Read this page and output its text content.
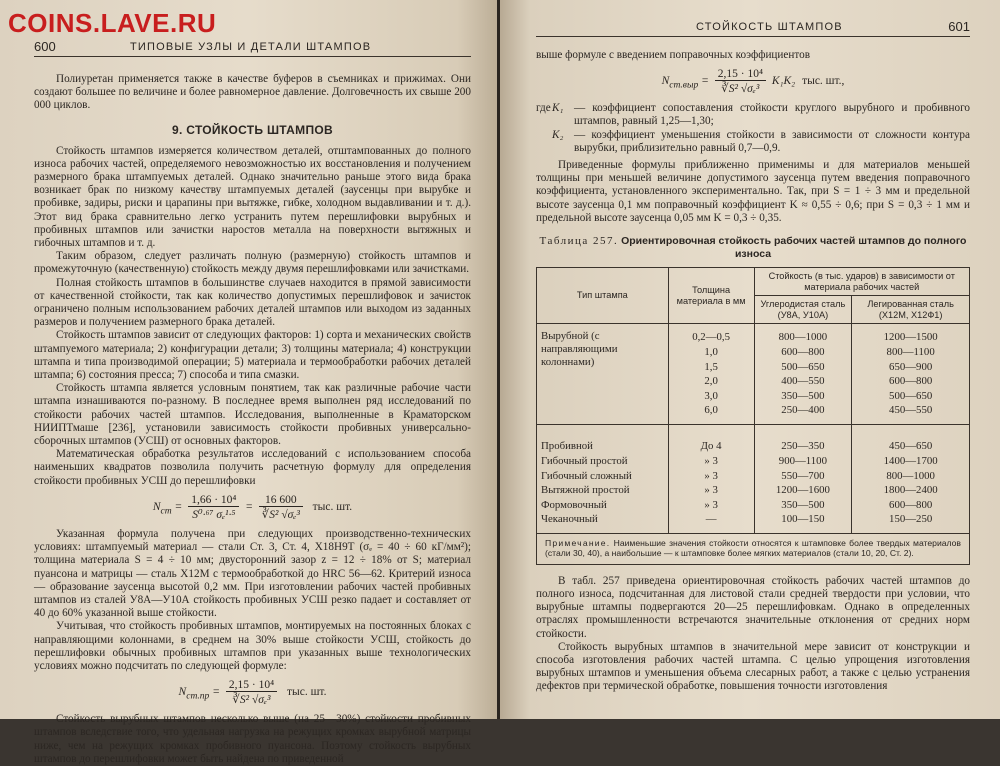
600	ТИПОВЫЕ УЗЛЫ И ДЕТАЛИ ШТАМПОВ

Полиуретан применяется также в качестве буферов в съемниках и прижимах. Они создают большее по величине и более равномерное давление. Долговечность их свыше 200 000 циклов.

9. СТОЙКОСТЬ ШТАМПОВ

Стойкость штампов измеряется количеством деталей, отштампованных до полного износа рабочих частей, определяемого невозможностью их восстановления и получением размерного брака штампуемых деталей. Однако значительно раньше этого вида брака возникает брак по низкому качеству штампуемых деталей (заусенцы при вырубке и пробивке, задиры, риски и царапины при вытяжке, гибке, холодном выдавливании и т. д.). Этот вид брака сравнительно легко устранить путем перешлифовки вырубных и пробивных штампов или зачистки наростов металла на поверхности вытяжных и гибочных штампов и т. д.

Таким образом, следует различать полную (размерную) стойкость штампов и промежуточную (качественную) стойкость между двумя перешлифовками или зачистками.

Полная стойкость штампов в большинстве случаев находится в прямой зависимости от качественной стойкости, так как количество допустимых перешлифовок и зачисток ограничено полным использованием рабочих деталей штампов или выходом из заданных размеров и получением размерного брака деталей.

Стойкость штампов зависит от следующих факторов: 1) сорта и механических свойств штампуемого материала; 2) конфигурации детали; 3) толщины материала; 4) конструкции штампа и типа производимой операции; 5) материала и термообработки рабочих деталей штампа; 6) состояния пресса; 7) способа и типа смазки.

Стойкость штампа является условным понятием, так как различные рабочие части штампа изнашиваются по-разному. В последнее время выполнен ряд исследований по стойкости рабочих частей штампов. Исследования, выполненные в Краматорском НИИПТмаше [236], установили зависимость стойкости пробивных универсально-сборочных штампов (УСШ) от основных факторов.

Математическая обработка результатов исследований с использованием способа наименьших квадратов позволила получить расчетную формулу для определения стойкости пробивных УСШ до перешлифовки

$N_{cm} = \frac{\text{1,66 · 10⁴}}{\text{S⁰·⁶⁷ σₑ¹·⁵}} = \frac{16 600}{\text{∛S² √σₑ³}}$ тыс. шт.

Указанная формула получена при следующих производственно-технических условиях: штампуемый материал — стали Ст. 3, Ст. 4, Х18Н9Т (σₑ = 40 ÷ 60 кГ/мм²); толщина материала S = 4 ÷ 10 мм; двусторонний зазор z = 12 ÷ 18% от S; материал пуансона и матрицы — сталь Х12М с термообработкой до HRC 56—62. Критерий износа — образование заусенца высотой 0,2 мм. При изготовлении рабочих частей пробивных штампов из сталей У8А—У10А стойкость пробивных УСШ резко падает и составляет от 40 до 60% указанной выше стойкости.

Учитывая, что стойкость пробивных штампов, монтируемых на постоянных блоках с направляющими колоннами, в среднем на 30% выше стойкости УСШ, стойкость до перешлифовки обычных пробивных штампов при указанных выше технологических условиях можно подсчитать по следующей формуле:

$N_{cm.np} = \frac{\text{2,15 · 10⁴}}{\text{∛S² √σₑ³}}$ тыс. шт.

Стойкость вырубных штампов несколько выше (на 25—30%) стойкости пробивных штампов вследствие того, что удельная нагрузка на режущих кромках вырубной матрицы ниже, чем на режущих кромках пробивного пуансона. Поэтому стойкость вырубных штампов до перешлифовки может быть найдена по приведенной

СТОЙКОСТЬ ШТАМПОВ	601

выше формуле с введением поправочных коэффициентов

$N_{cm.выр} = \frac{\text{2,15 · 10⁴}}{\text{∛S² √σₑ³}} K_1K_2$ тыс. шт.,
где K₁ — коэффициент сопоставления стойкости круглого вырубного и пробивного штампов, равный 1,25—1,30;
K₂ — коэффициент уменьшения стойкости в зависимости от сложности контура вырубки, приблизительно равный 0,7—0,9.

Приведенные формулы приближенно применимы и для материалов меньшей толщины при меньшей величине допустимого заусенца путем введения поправочного коэффициента, установленного экспериментально. Так, при S = 1 ÷ 3 мм и предельной высоте заусенца 0,1 мм поправочный коэффициент K ≈ 0,55 ÷ 0,6; при S = 0,3 ÷ 1 мм и предельной высоте заусенца 0,05 мм K = 0,3 ÷ 0,35.

Таблица 257. Ориентировочная стойкость рабочих частей штампов до полного износа
Тип штампа	Толщина материала в мм	Стойкость (в тыс. ударов) в зависимости от материала рабочих частей	
		Углеродистая сталь (У8А, У10А)	Легированная сталь (Х12М, Х12Ф1)

Вырубной (с направляющими колоннами)	0,2—0,5	800—1000	1200—1500
	1,0	600—800	800—1100
	1,5	500—650	650—900
	2,0	400—550	600—800
	3,0	350—500	500—650
	6,0	250—400	450—550

Пробивной	До 4	250—350	450—650
Гибочный простой	» 3	900—1100	1400—1700
Гибочный сложный	» 3	550—700	800—1000
Вытяжной простой	» 3	1200—1600	1800—2400
Формовочный	» 3	350—500	600—800
Чеканочный	—	100—150	150—250

Примечание. Наименьшие значения стойкости относятся к штамповке более твердых материалов (стали 30, 40), а наибольшие — к штамповке более мягких материалов (стали 10, 20, Ст. 2).

В табл. 257 приведена ориентировочная стойкость рабочих частей штампов до полного износа, подсчитанная для листовой стали средней твердости при условии, что вырубные штампы подвергаются 20—25 перешлифовкам. Однако в определенных отраслях промышленности встречаются значительные отклонения от средних норм стойкости.

Стойкость вырубных штампов в значительной мере зависит от конструкции и способа изготовления рабочих частей штампа. С целью упрощения изготовления вырубных штампов и уменьшения объема слесарных работ, а также с целью устранения дефектов при термической обработке, повышения точности изготовления

COINS.LAVE.RU
